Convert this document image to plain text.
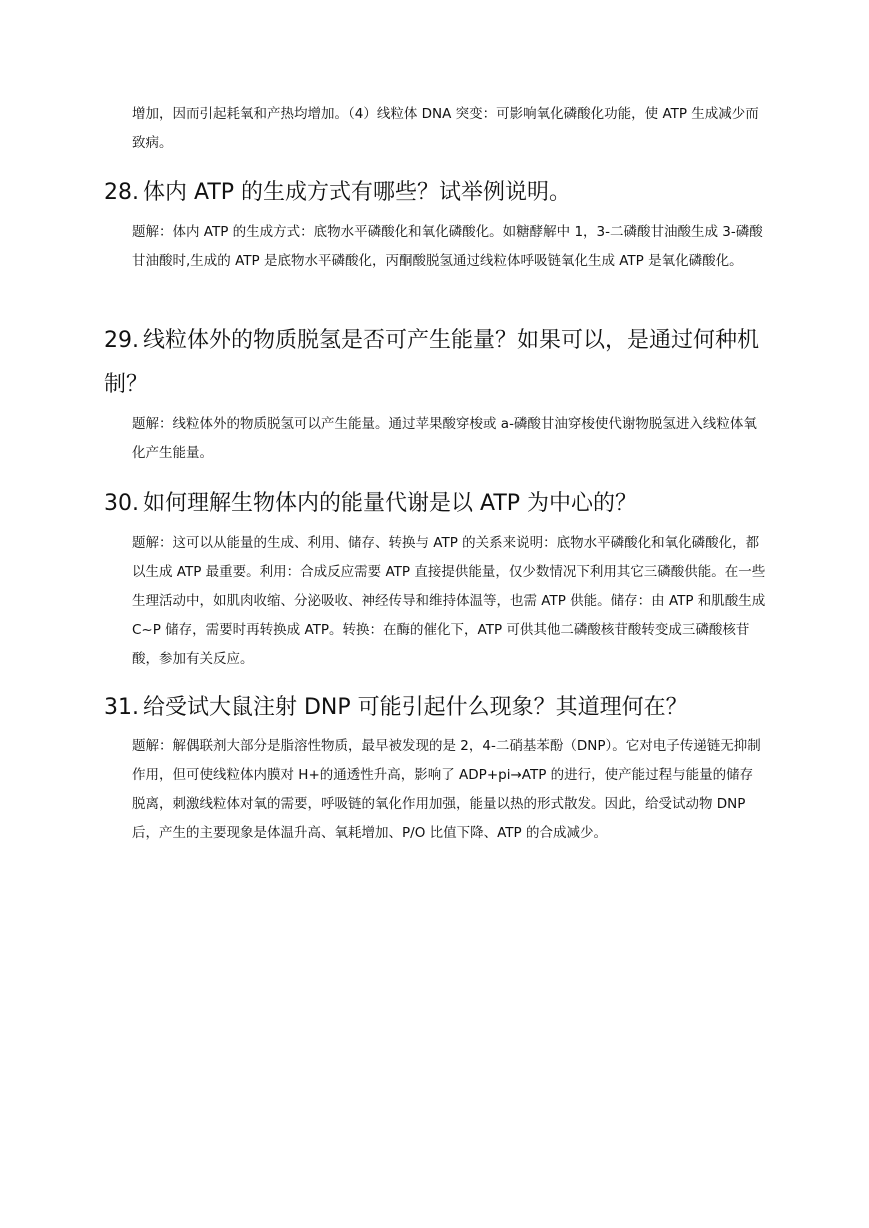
增加，因而引起耗氧和产热均增加。（4）线粒体 DNA 突变：可影响氧化磷酸化功能，使 ATP 生成减少而致病。

28. 体内 ATP 的生成方式有哪些？试举例说明。

题解：体内 ATP 的生成方式：底物水平磷酸化和氧化磷酸化。如糖酵解中 1，3-二磷酸甘油酸生成 3-磷酸甘油酸时,生成的 ATP 是底物水平磷酸化，丙酮酸脱氢通过线粒体呼吸链氧化生成 ATP 是氧化磷酸化。

29. 线粒体外的物质脱氢是否可产生能量？如果可以，是通过何种机制？

题解：线粒体外的物质脱氢可以产生能量。通过苹果酸穿梭或 a-磷酸甘油穿梭使代谢物脱氢进入线粒体氧化产生能量。

30. 如何理解生物体内的能量代谢是以 ATP 为中心的？

题解：这可以从能量的生成、利用、储存、转换与 ATP 的关系来说明：底物水平磷酸化和氧化磷酸化，都以生成 ATP 最重要。利用：合成反应需要 ATP 直接提供能量，仅少数情况下利用其它三磷酸供能。在一些生理活动中，如肌肉收缩、分泌吸收、神经传导和维持体温等，也需 ATP 供能。储存：由 ATP 和肌酸生成 C~P 储存，需要时再转换成 ATP。转换：在酶的催化下，ATP 可供其他二磷酸核苷酸转变成三磷酸核苷酸，参加有关反应。

31. 给受试大鼠注射 DNP 可能引起什么现象？其道理何在？

题解：解偶联剂大部分是脂溶性物质，最早被发现的是 2，4-二硝基苯酚（DNP）。它对电子传递链无抑制作用，但可使线粒体内膜对 H+的通透性升高，影响了 ADP+pi→ATP 的进行，使产能过程与能量的储存脱离，刺激线粒体对氧的需要，呼吸链的氧化作用加强，能量以热的形式散发。因此，给受试动物 DNP 后，产生的主要现象是体温升高、氧耗增加、P/O 比值下降、ATP 的合成减少。
